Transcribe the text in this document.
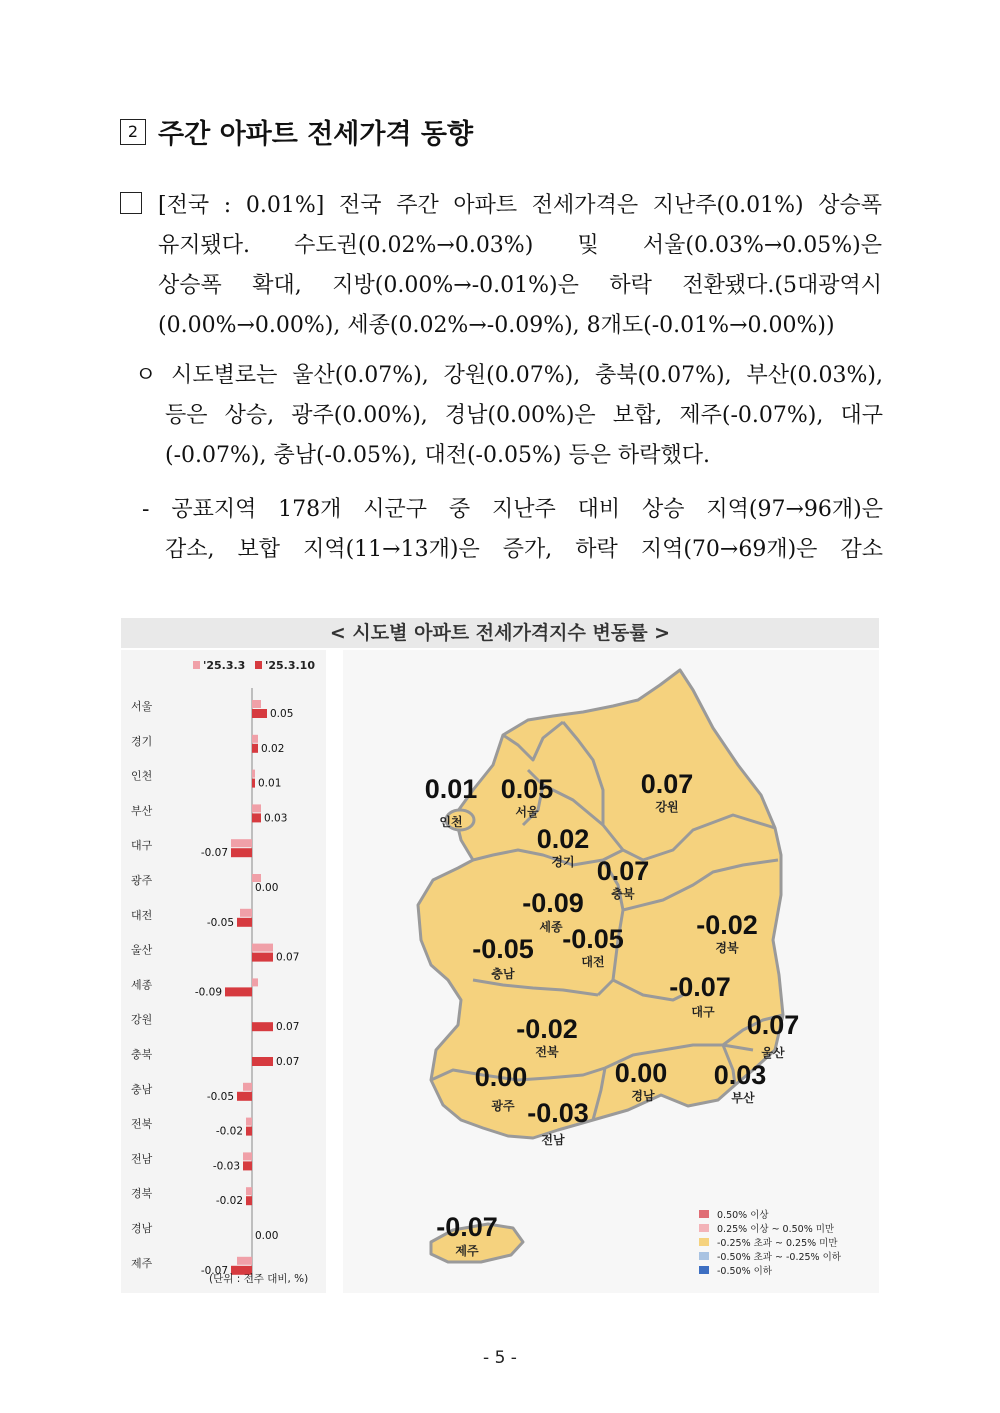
2 주간 아파트 전세가격 동향
[전국 : 0.01%] 전국 주간 아파트 전세가격은 지난주(0.01%) 상승폭
유지됐다. 수도권(0.02%→0.03%) 및 서울(0.03%→0.05%)은
상승폭 확대, 지방(0.00%→-0.01%)은 하락 전환됐다.(5대광역시
(0.00%→0.00%), 세종(0.02%→-0.09%), 8개도(-0.01%→0.00%))
ㅇ 시도별로는 울산(0.07%), 강원(0.07%), 충북(0.07%), 부산(0.03%),
등은 상승, 광주(0.00%), 경남(0.00%)은 보합, 제주(-0.07%), 대구
(-0.07%), 충남(-0.05%), 대전(-0.05%) 등은 하락했다.
- 공표지역 178개 시군구 중 지난주 대비 상승 지역(97→96개)은
감소, 보합 지역(11→13개)은 증가, 하락 지역(70→69개)은 감소
< 시도별 아파트 전세가격지수 변동률 >
'25.3.3 '25.3.10
서울
0.05
경기
0.02
인천
0.01
부산
0.03
대구
-0.07
광주
0.00
대전
-0.05
울산
0.07
세종
-0.09
강원
0.07
충북
0.07
충남
-0.05
전북
-0.02
전남
-0.03
경북
-0.02
경남
0.00
제주
-0.07
(단위 : 전주 대비, %)
0.01
인천
0.05
서울
0.07
강원
0.02
경기 0.07
충북
-0.09
세종 -0.05
대전
-0.05
충남
-0.02
경북
-0.07
대구 0.07
울산
-0.02
전북
0.00
광주
0.00
경남
0.03
부산
-0.03
전남
-0.07
제주
0.50% 이상
0.25% 이상 ~ 0.50% 미만
-0.25% 초과 ~ 0.25% 미만
-0.50% 초과 ~ -0.25% 이하
-0.50% 이하
- 5 -
